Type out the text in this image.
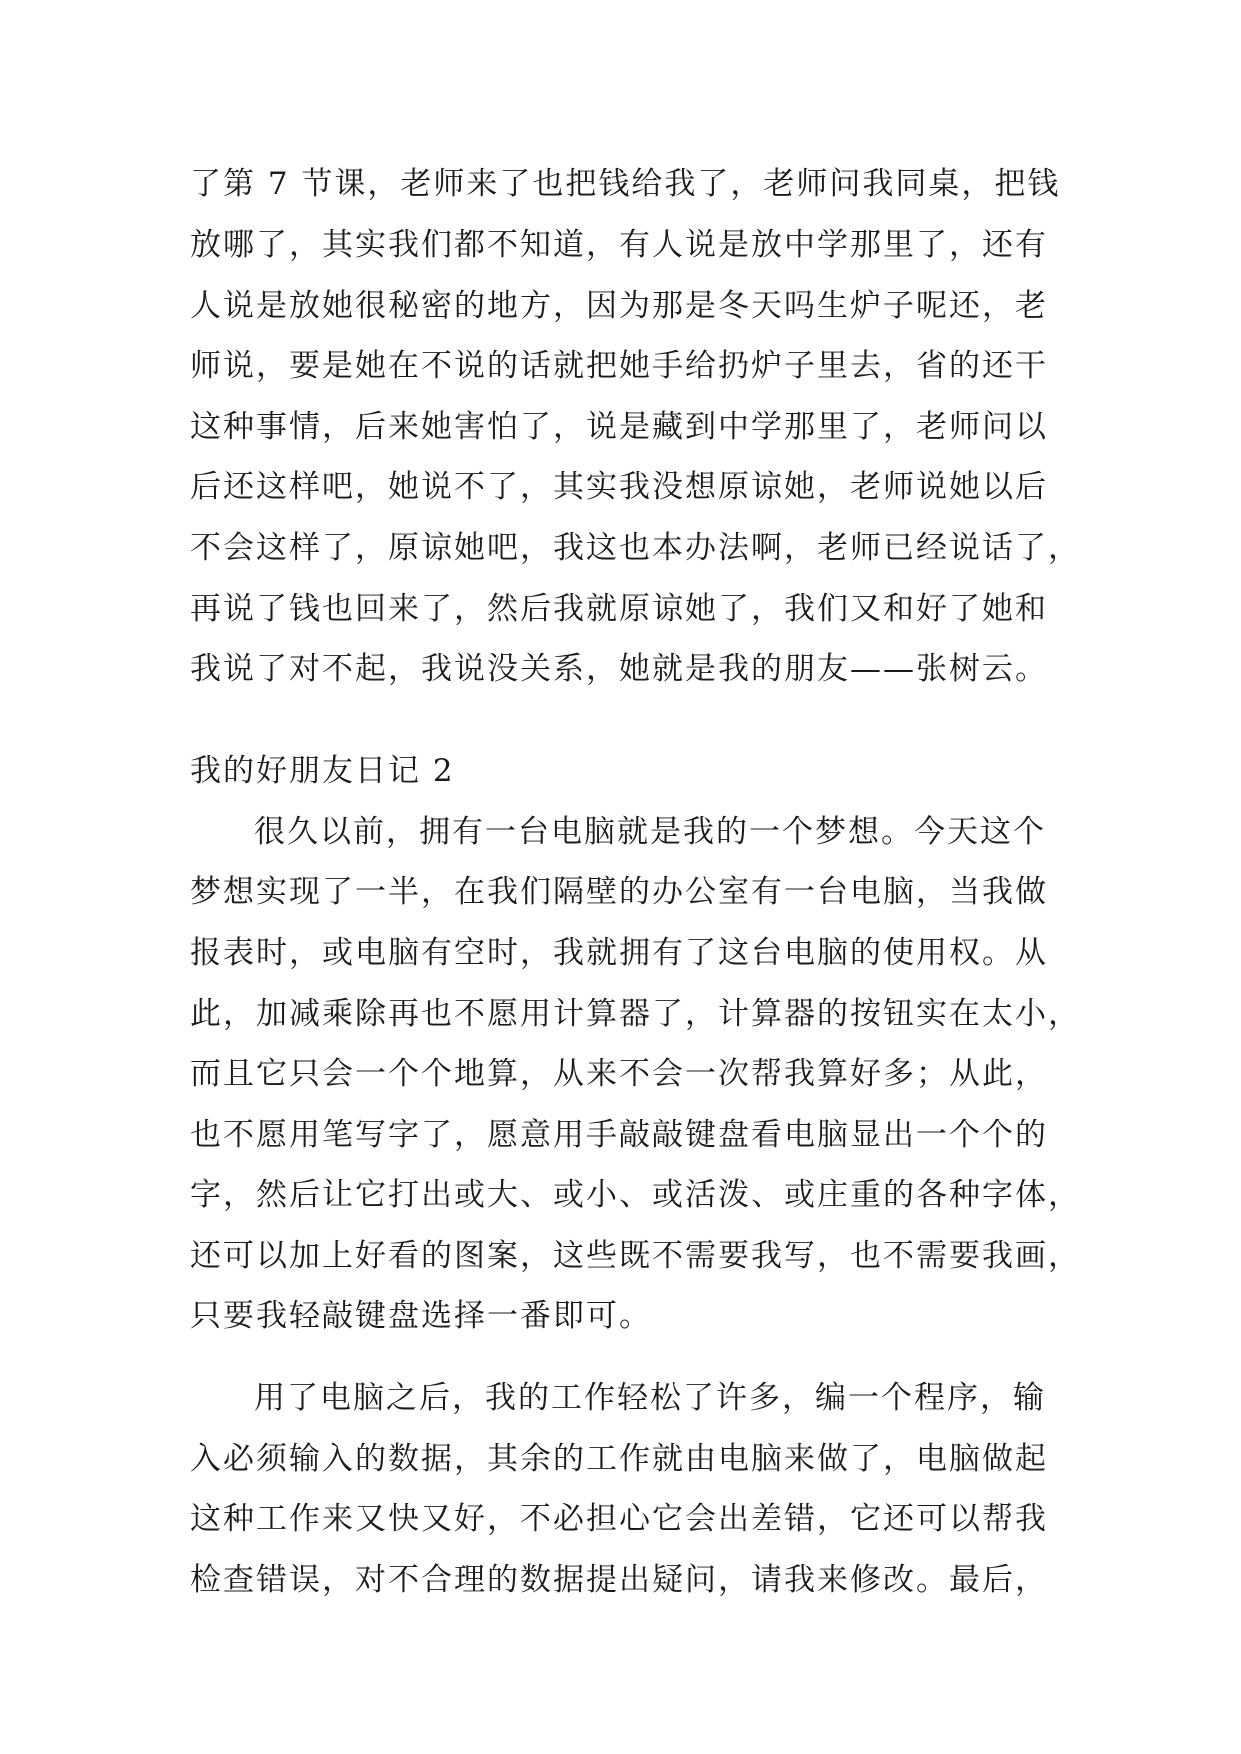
了第 7 节课，老师来了也把钱给我了，老师问我同桌，把钱
放哪了，其实我们都不知道，有人说是放中学那里了，还有
人说是放她很秘密的地方，因为那是冬天吗生炉子呢还，老
师说，要是她在不说的话就把她手给扔炉子里去，省的还干
这种事情，后来她害怕了，说是藏到中学那里了，老师问以
后还这样吧，她说不了，其实我没想原谅她，老师说她以后
不会这样了，原谅她吧，我这也本办法啊，老师已经说话了，
再说了钱也回来了，然后我就原谅她了，我们又和好了她和
我说了对不起，我说没关系，她就是我的朋友——张树云。
我的好朋友日记 2
很久以前，拥有一台电脑就是我的一个梦想。今天这个
梦想实现了一半，在我们隔壁的办公室有一台电脑，当我做
报表时，或电脑有空时，我就拥有了这台电脑的使用权。从
此，加减乘除再也不愿用计算器了，计算器的按钮实在太小，
而且它只会一个个地算，从来不会一次帮我算好多；从此，
也不愿用笔写字了，愿意用手敲敲键盘看电脑显出一个个的
字，然后让它打出或大、或小、或活泼、或庄重的各种字体，
还可以加上好看的图案，这些既不需要我写，也不需要我画，
只要我轻敲键盘选择一番即可。
用了电脑之后，我的工作轻松了许多，编一个程序，输
入必须输入的数据，其余的工作就由电脑来做了，电脑做起
这种工作来又快又好，不必担心它会出差错，它还可以帮我
检查错误，对不合理的数据提出疑问，请我来修改。最后，
